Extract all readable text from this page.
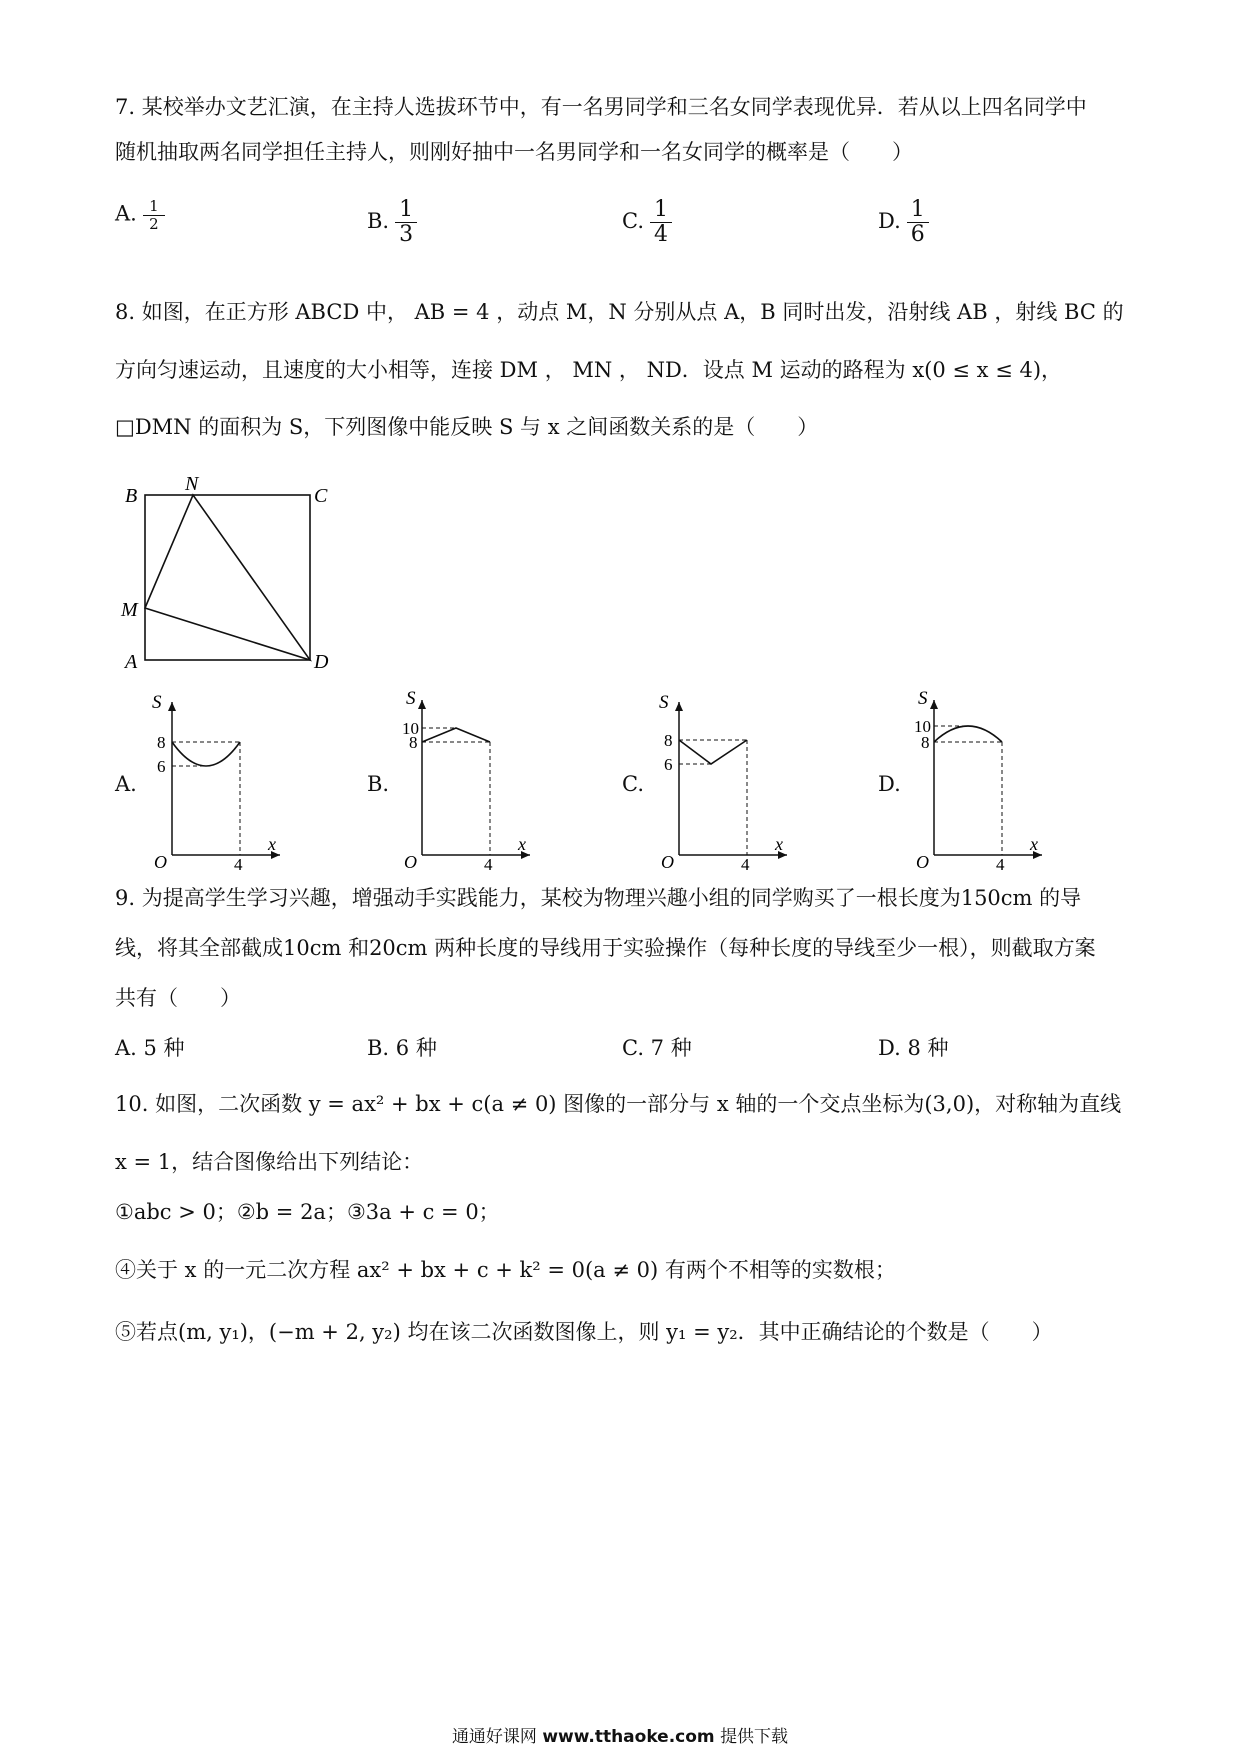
7. 某校举办文艺汇演，在主持人选拔环节中，有一名男同学和三名女同学表现优异．若从以上四名同学中
随机抽取两名同学担任主持人，则刚好抽中一名男同学和一名女同学的概率是（　　）
A. $\frac{1}{2}$	B. $\frac{1}{3}$	C. $\frac{1}{4}$	D. $\frac{1}{6}$
8. 如图，在正方形 ABCD 中， AB = 4 ，动点 M，N 分别从点 A，B 同时出发，沿射线 AB ，射线 BC 的
方向匀速运动，且速度的大小相等，连接 DM ， MN ， ND．设点 M 运动的路程为 x(0 ≤ x ≤ 4)，
□DMN 的面积为 S，下列图像中能反映 S 与 x 之间函数关系的是（　　）
B
N
C
M
A	D
A.
S
8
6
O	4
x
B.
S
10
8
O	4
x
C.
S
8
6
O	4
x
D.
S
10
8
O	4
x
9. 为提高学生学习兴趣，增强动手实践能力，某校为物理兴趣小组的同学购买了一根长度为150cm 的导
线，将其全部截成10cm 和20cm 两种长度的导线用于实验操作（每种长度的导线至少一根），则截取方案
共有（　　）
A. 5 种	B. 6 种	C. 7 种	D. 8 种
10. 如图，二次函数 y = ax² + bx + c(a ≠ 0) 图像的一部分与 x 轴的一个交点坐标为(3,0)，对称轴为直线
x = 1，结合图像给出下列结论：
①abc > 0；②b = 2a；③3a + c = 0；
④关于 x 的一元二次方程 ax² + bx + c + k² = 0(a ≠ 0) 有两个不相等的实数根；
⑤若点(m, y₁)，(−m + 2, y₂) 均在该二次函数图像上，则 y₁ = y₂．其中正确结论的个数是（　　）
通通好课网 www.tthaoke.com 提供下载
